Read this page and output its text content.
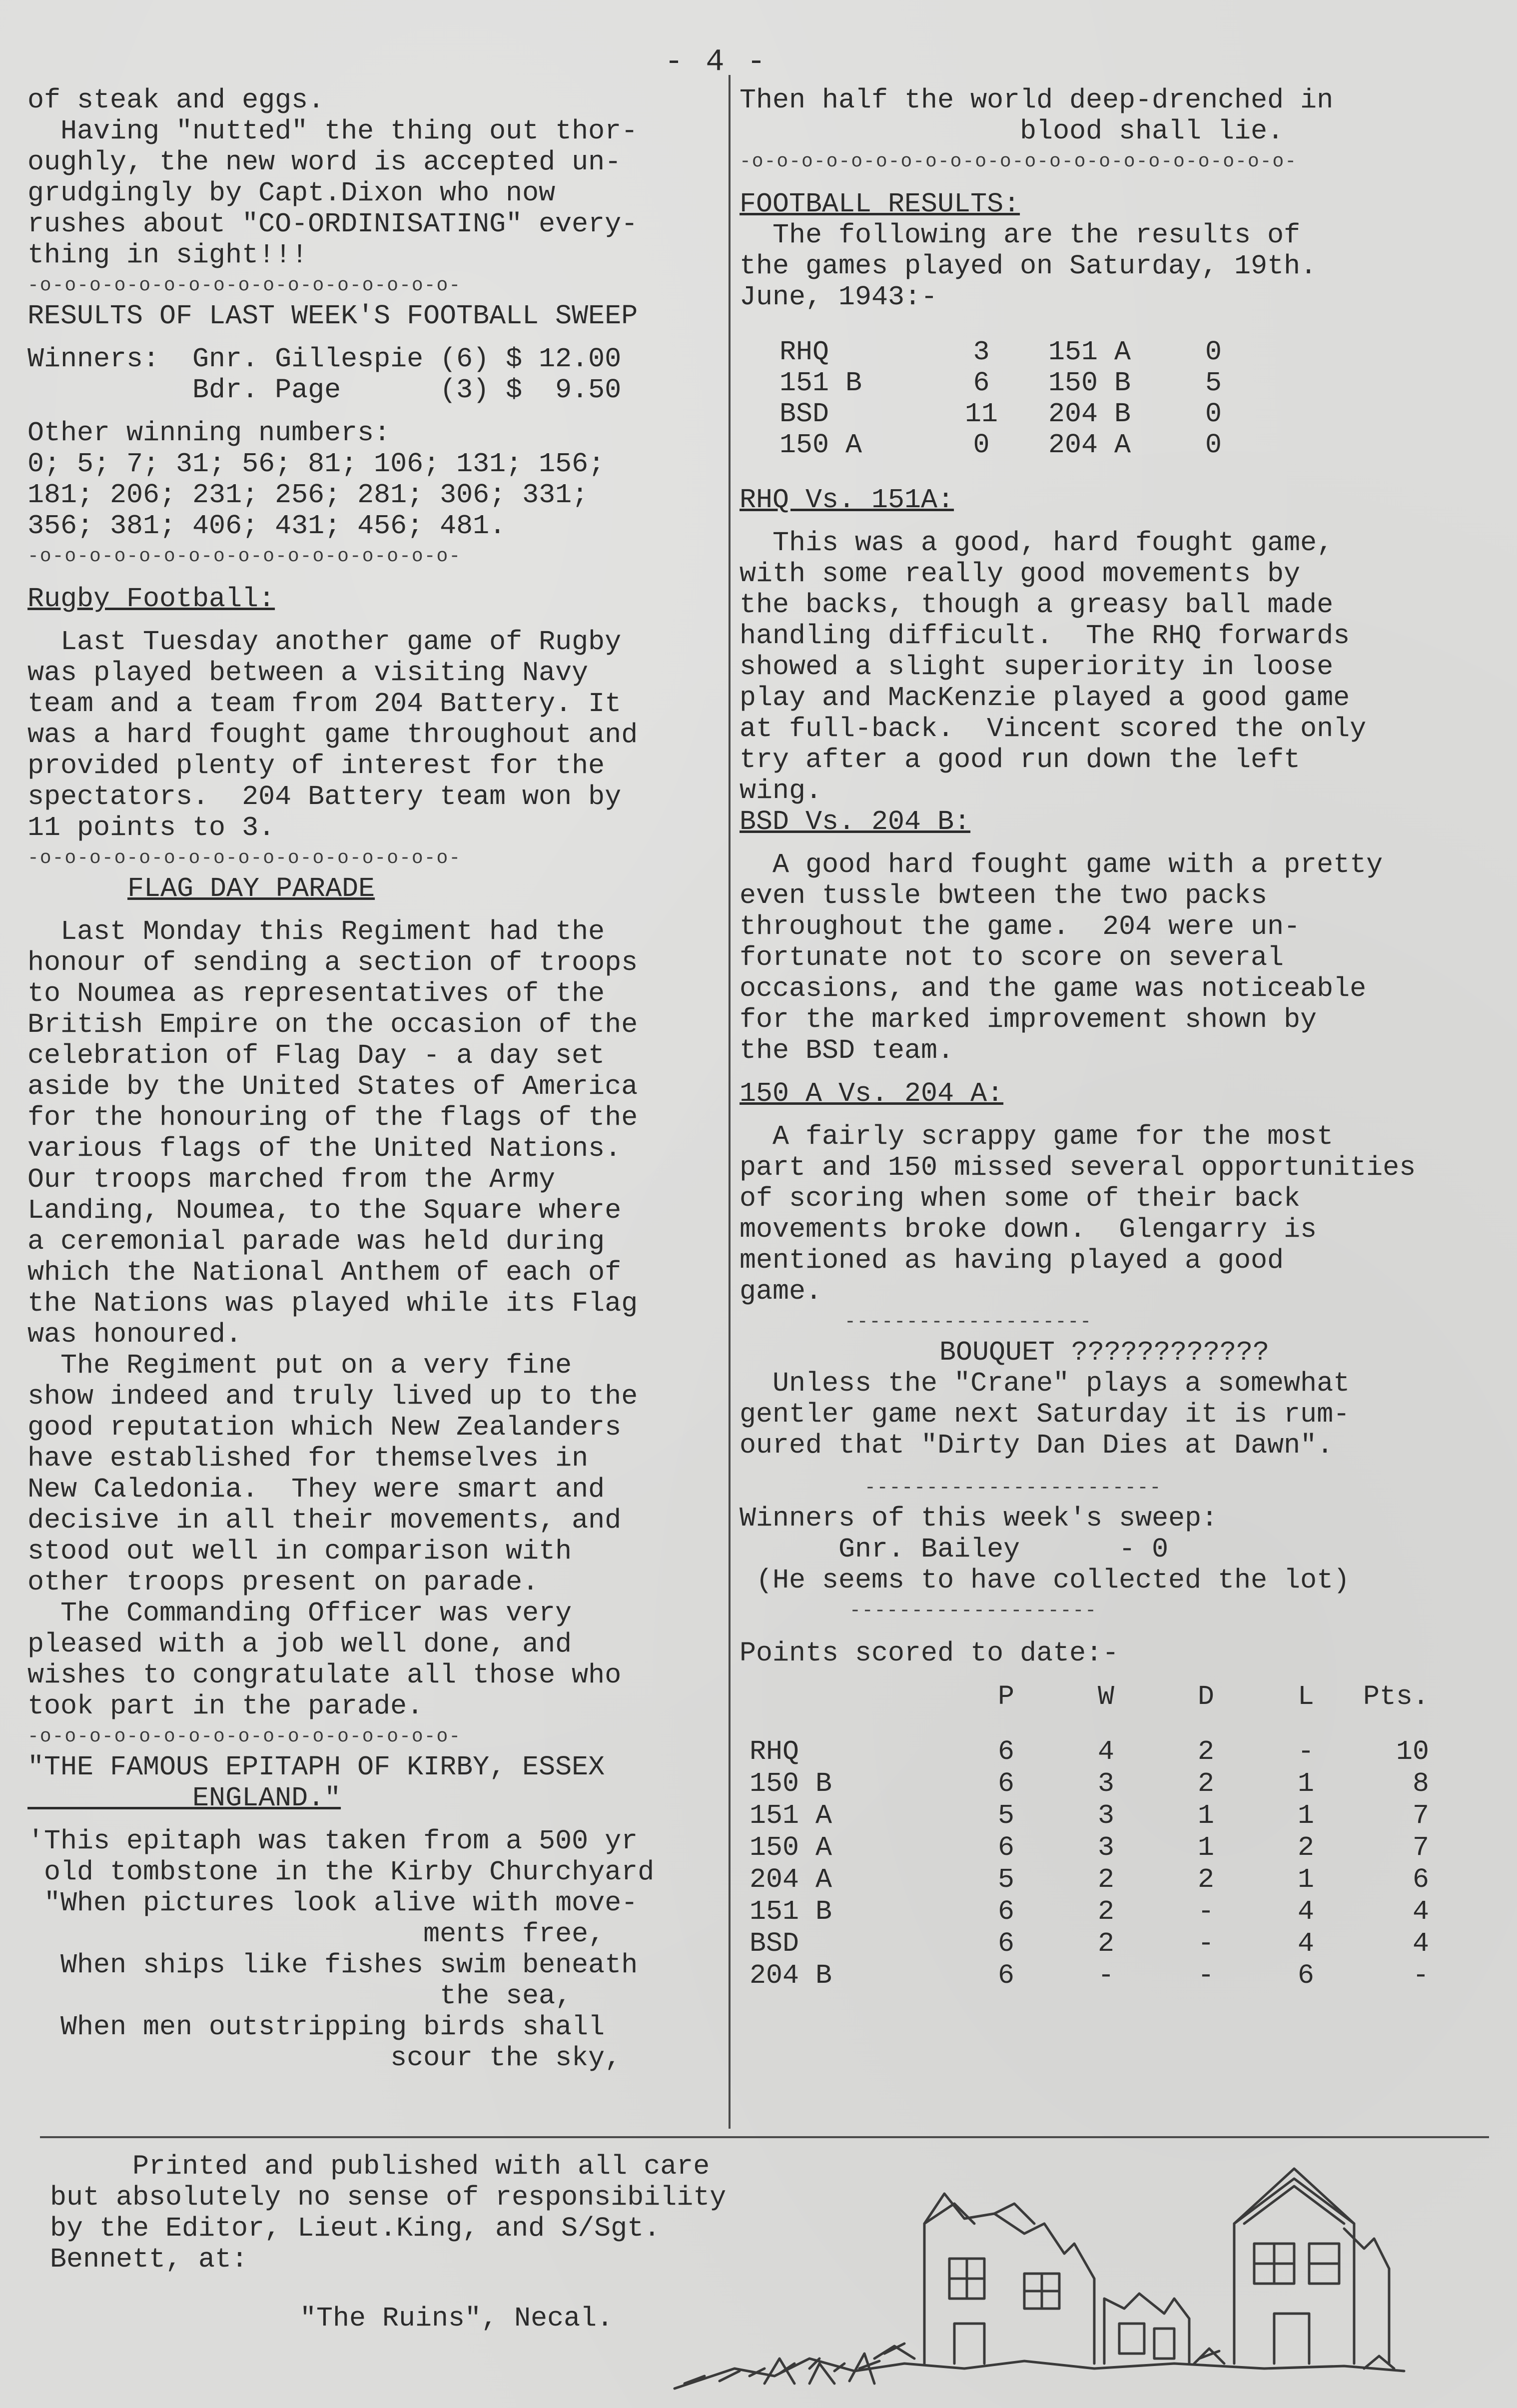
- 4 -
of steak and eggs.
Having "nutted" the thing out thor-
oughly, the new word is accepted un-
grudgingly by Capt.Dixon who now
rushes about "CO-ORDINISATING" every-
thing in sight!!!
-o-o-o-o-o-o-o-o-o-o-o-o-o-o-o-o-o-
RESULTS OF LAST WEEK'S FOOTBALL SWEEP
Winners:  Gnr. Gillespie (6) $ 12.00
Bdr. Page      (3) $  9.50
Other winning numbers:
0; 5; 7; 31; 56; 81; 106; 131; 156;
181; 206; 231; 256; 281; 306; 331;
356; 381; 406; 431; 456; 481.
-o-o-o-o-o-o-o-o-o-o-o-o-o-o-o-o-o-
Rugby Football:
Last Tuesday another game of Rugby
was played between a visiting Navy
team and a team from 204 Battery. It
was a hard fought game throughout and
provided plenty of interest for the
spectators.  204 Battery team won by
11 points to 3.
-o-o-o-o-o-o-o-o-o-o-o-o-o-o-o-o-o-
FLAG DAY PARADE
Last Monday this Regiment had the
honour of sending a section of troops
to Noumea as representatives of the
British Empire on the occasion of the
celebration of Flag Day - a day set
aside by the United States of America
for the honouring of the flags of the
various flags of the United Nations.
Our troops marched from the Army
Landing, Noumea, to the Square where
a ceremonial parade was held during
which the National Anthem of each of
the Nations was played while its Flag
was honoured.
The Regiment put on a very fine
show indeed and truly lived up to the
good reputation which New Zealanders
have established for themselves in
New Caledonia.  They were smart and
decisive in all their movements, and
stood out well in comparison with
other troops present on parade.
The Commanding Officer was very
pleased with a job well done, and
wishes to congratulate all those who
took part in the parade.
-o-o-o-o-o-o-o-o-o-o-o-o-o-o-o-o-o-
"THE FAMOUS EPITAPH OF KIRBY, ESSEX
ENGLAND."
'This epitaph was taken from a 500 yr
old tombstone in the Kirby Churchyard
"When pictures look alive with move-
ments free,
When ships like fishes swim beneath
the sea,
When men outstripping birds shall
scour the sky,
Then half the world deep-drenched in
blood shall lie.
-o-o-o-o-o-o-o-o-o-o-o-o-o-o-o-o-o-o-o-o-o-o-
FOOTBALL RESULTS:
The following are the results of
the games played on Saturday, 19th.
June, 1943:-
RHQ	3	151 A	0
151 B	6	150 B	5
BSD	11	204 B	0
150 A	0	204 A	0
RHQ Vs. 151A:
This was a good, hard fought game,
with some really good movements by
the backs, though a greasy ball made
handling difficult.  The RHQ forwards
showed a slight superiority in loose
play and MacKenzie played a good game
at full-back.  Vincent scored the only
try after a good run down the left
wing.
BSD Vs. 204 B:
A good hard fought game with a pretty
even tussle bwteen the two packs
throughout the game.  204 were un-
fortunate not to score on several
occasions, and the game was noticeable
for the marked improvement shown by
the BSD team.
150 A Vs. 204 A:
A fairly scrappy game for the most
part and 150 missed several opportunities
of scoring when some of their back
movements broke down.  Glengarry is
mentioned as having played a good
game.
--------------------
BOUQUET ????????????
Unless the "Crane" plays a somewhat
gentler game next Saturday it is rum-
oured that "Dirty Dan Dies at Dawn".
------------------------
Winners of this week's sweep:
Gnr. Bailey      - 0
(He seems to have collected the lot)
--------------------
Points scored to date:-
	P	W	D	L	Pts.
RHQ	6	4	2	-	10
150 B	6	3	2	1	8
151 A	5	3	1	1	7
150 A	6	3	1	2	7
204 A	5	2	2	1	6
151 B	6	2	-	4	4
BSD	6	2	-	4	4
204 B	6	-	-	6	-
Printed and published with all care
but absolutely no sense of responsibility
by the Editor, Lieut.King, and S/Sgt.
Bennett, at:
"The Ruins", Necal.
